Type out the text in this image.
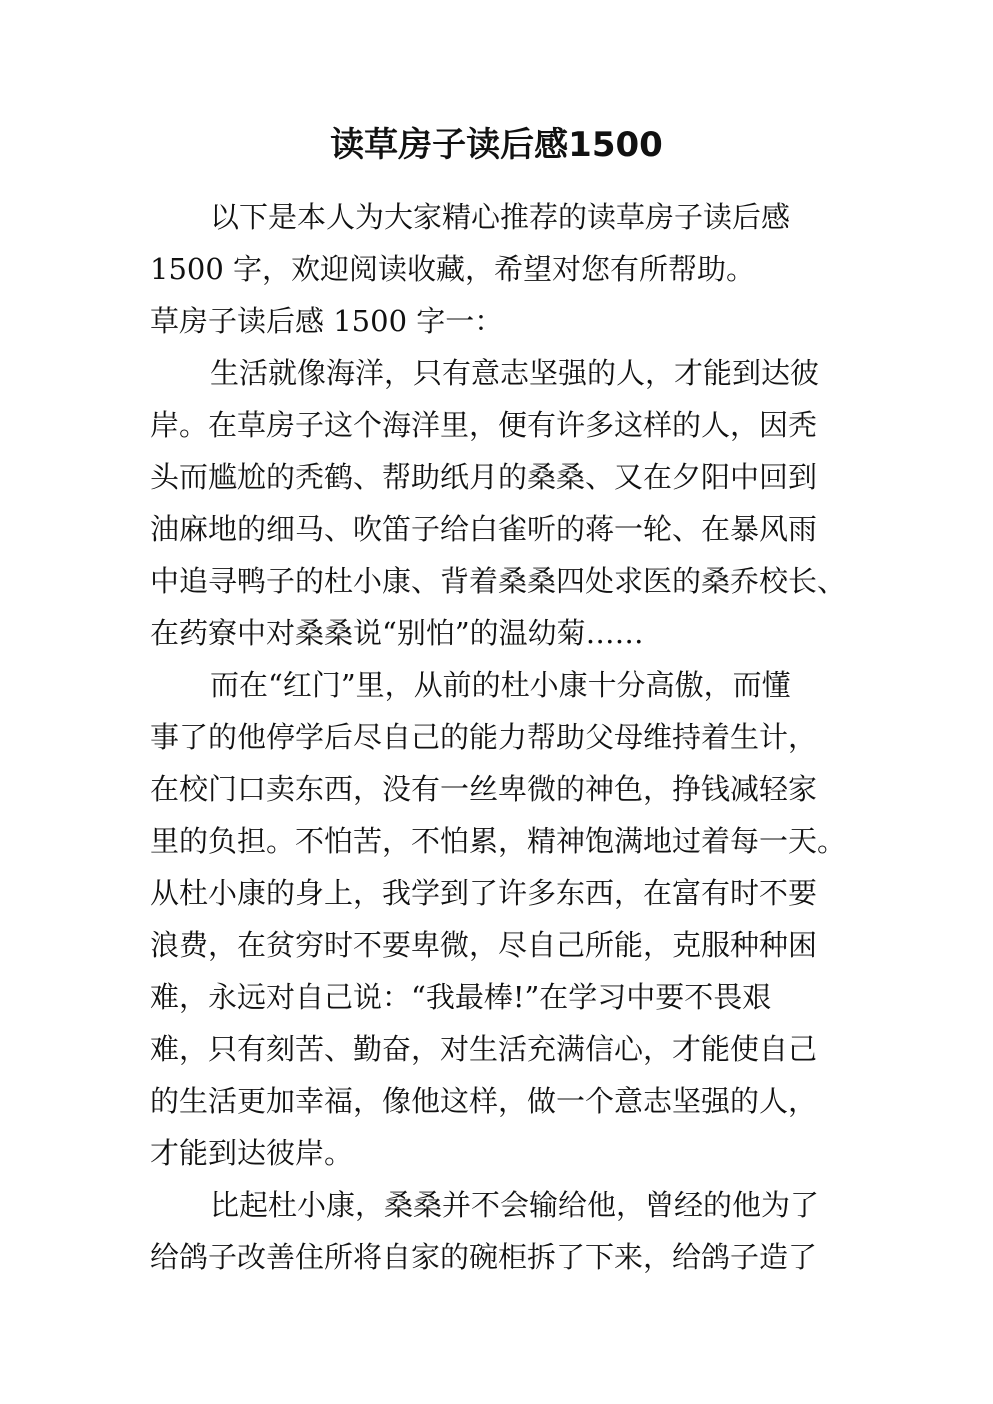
读草房子读后感1500

以下是本人为大家精心推荐的读草房子读后感

1500 字，欢迎阅读收藏，希望对您有所帮助。

草房子读后感 1500 字一：

生活就像海洋，只有意志坚强的人，才能到达彼

岸。在草房子这个海洋里，便有许多这样的人，因秃

头而尴尬的秃鹤、帮助纸月的桑桑、又在夕阳中回到

油麻地的细马、吹笛子给白雀听的蒋一轮、在暴风雨

中追寻鸭子的杜小康、背着桑桑四处求医的桑乔校长、

在药寮中对桑桑说“别怕”的温幼菊……

而在“红门”里，从前的杜小康十分高傲，而懂

事了的他停学后尽自己的能力帮助父母维持着生计，

在校门口卖东西，没有一丝卑微的神色，挣钱减轻家

里的负担。不怕苦，不怕累，精神饱满地过着每一天。

从杜小康的身上，我学到了许多东西，在富有时不要

浪费，在贫穷时不要卑微，尽自己所能，克服种种困

难，永远对自己说：“我最棒!”在学习中要不畏艰

难，只有刻苦、勤奋，对生活充满信心，才能使自己

的生活更加幸福，像他这样，做一个意志坚强的人，

才能到达彼岸。

比起杜小康，桑桑并不会输给他，曾经的他为了

给鸽子改善住所将自家的碗柜拆了下来，给鸽子造了
